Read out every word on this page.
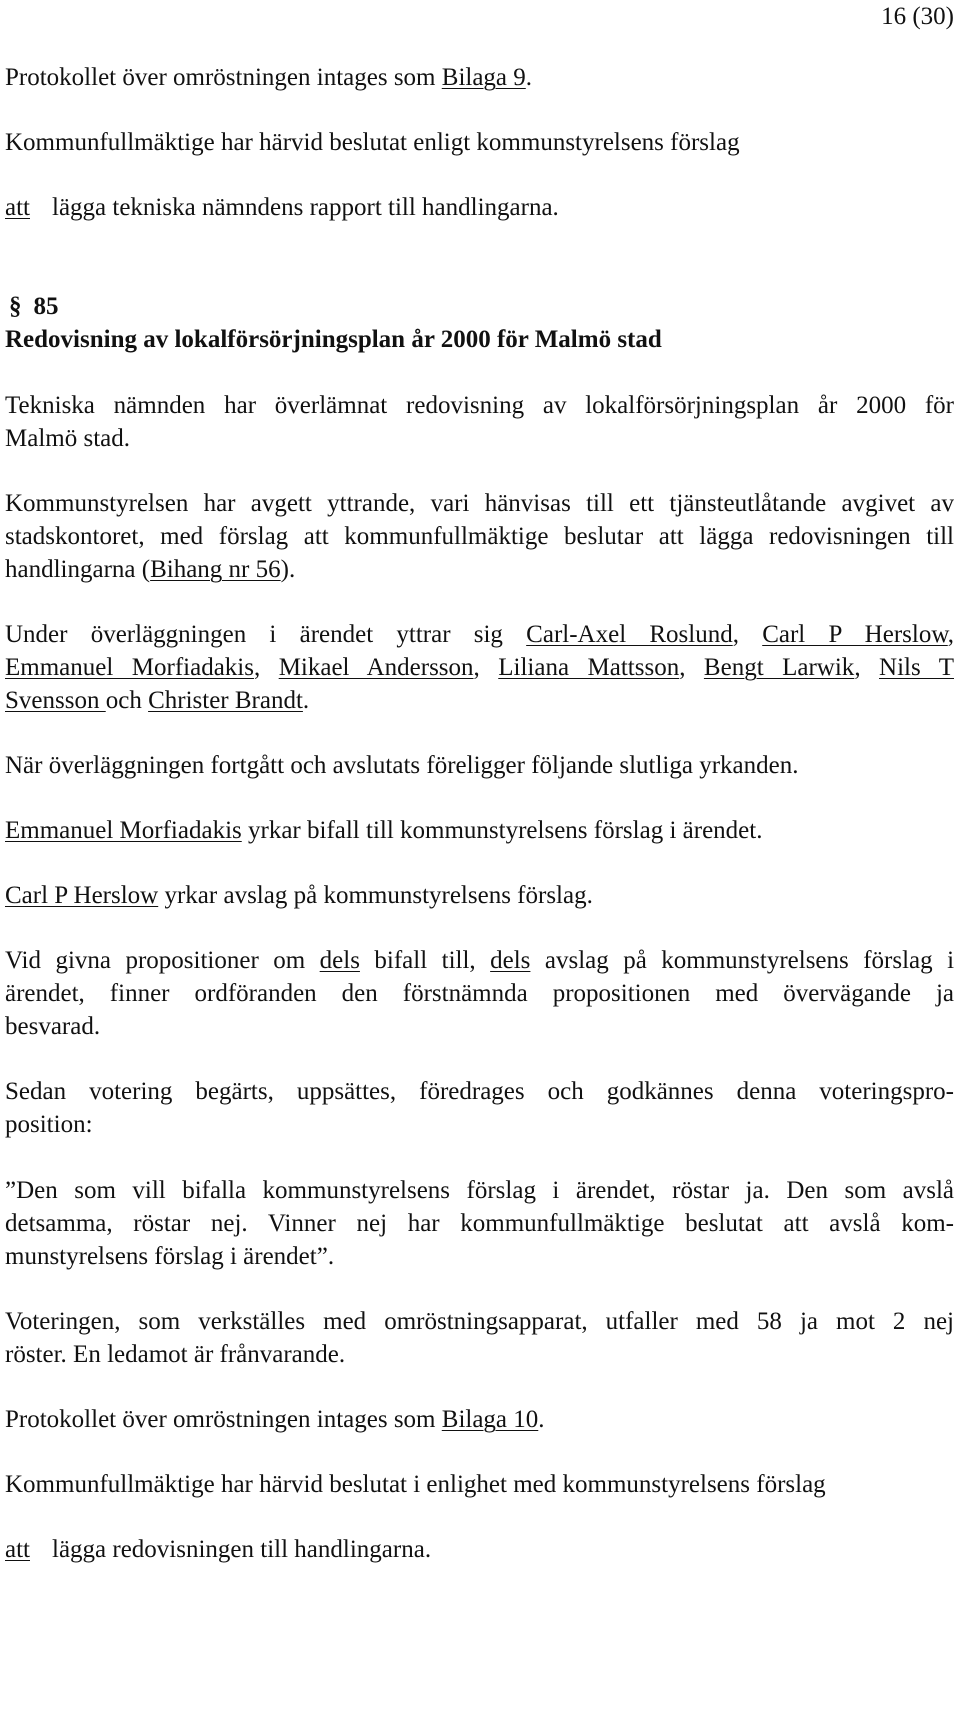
16 (30)
Protokollet över omröstningen intages som Bilaga 9.
Kommunfullmäktige har härvid beslutat enligt kommunstyrelsens förslag
att lägga tekniska nämndens rapport till handlingarna.
§ 85
Redovisning av lokalförsörjningsplan år 2000 för Malmö stad
Tekniska nämnden har överlämnat redovisning av lokalförsörjningsplan år 2000 för
Malmö stad.
Kommunstyrelsen har avgett yttrande, vari hänvisas till ett tjänsteutlåtande avgivet av
stadskontoret, med förslag att kommunfullmäktige beslutar att lägga redovisningen till
handlingarna (Bihang nr 56).
Under överläggningen i ärendet yttrar sig Carl-Axel Roslund, Carl P Herslow,
Emmanuel Morfiadakis, Mikael Andersson, Liliana Mattsson, Bengt Larwik, Nils T
Svensson och Christer Brandt.
När överläggningen fortgått och avslutats föreligger följande slutliga yrkanden.
Emmanuel Morfiadakis yrkar bifall till kommunstyrelsens förslag i ärendet.
Carl P Herslow yrkar avslag på kommunstyrelsens förslag.
Vid givna propositioner om dels bifall till, dels avslag på kommunstyrelsens förslag i
ärendet, finner ordföranden den förstnämnda propositionen med övervägande ja
besvarad.
Sedan votering begärts, uppsättes, föredrages och godkännes denna voteringspro-
position:
”Den som vill bifalla kommunstyrelsens förslag i ärendet, röstar ja. Den som avslå
detsamma, röstar nej. Vinner nej har kommunfullmäktige beslutat att avslå kom-
munstyrelsens förslag i ärendet”.
Voteringen, som verkställes med omröstningsapparat, utfaller med 58 ja mot 2 nej
röster. En ledamot är frånvarande.
Protokollet över omröstningen intages som Bilaga 10.
Kommunfullmäktige har härvid beslutat i enlighet med kommunstyrelsens förslag
att lägga redovisningen till handlingarna.
